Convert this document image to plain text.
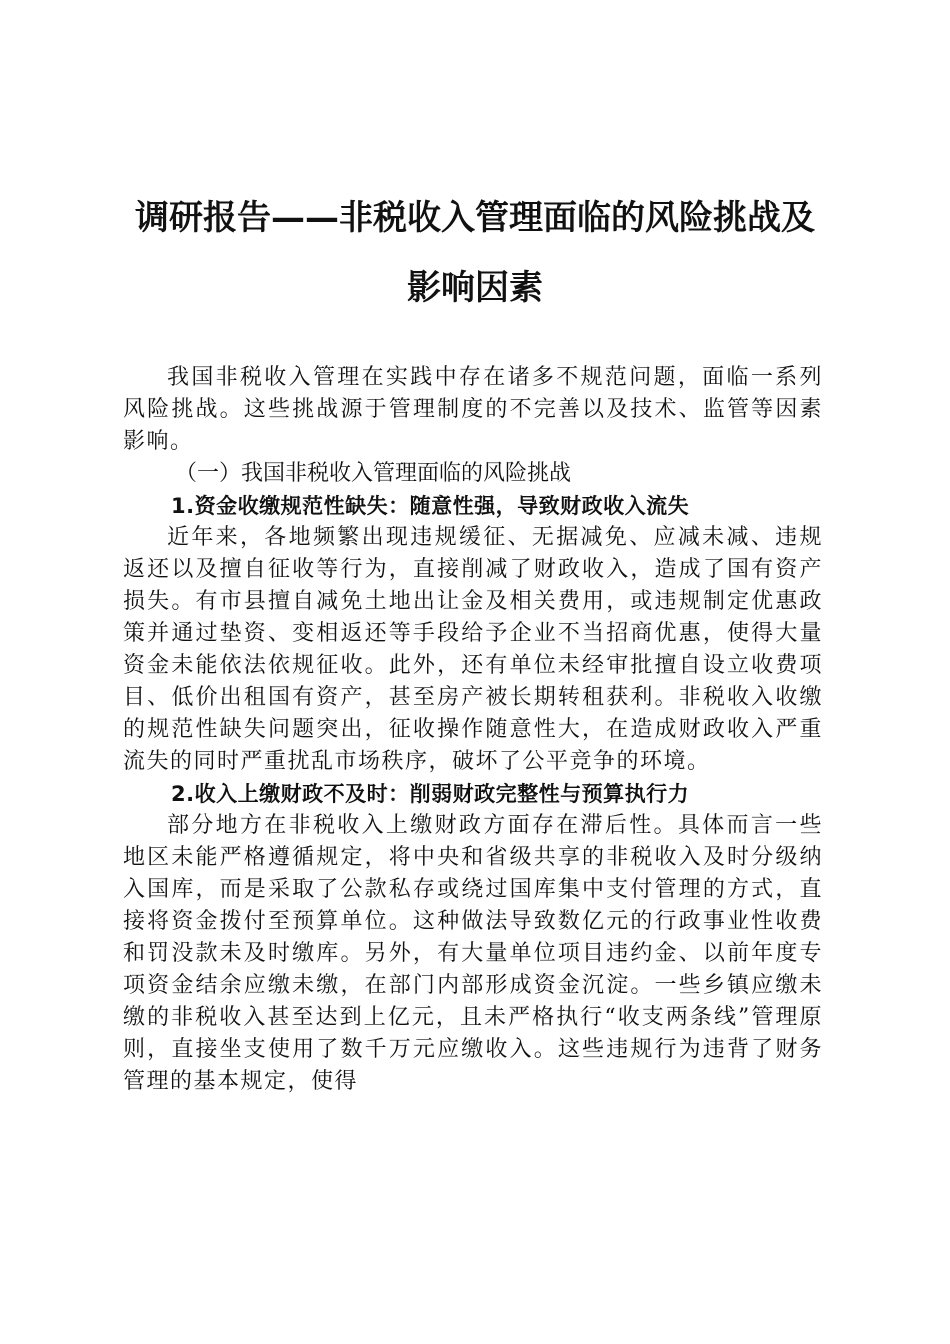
调研报告——非税收入管理面临的风险挑战及
影响因素

我国非税收入管理在实践中存在诸多不规范问题，面临一系列风险挑战。这些挑战源于管理制度的不完善以及技术、监管等因素影响。

（一）我国非税收入管理面临的风险挑战

1.资金收缴规范性缺失：随意性强，导致财政收入流失

近年来，各地频繁出现违规缓征、无据减免、应减未减、违规返还以及擅自征收等行为，直接削减了财政收入，造成了国有资产损失。有市县擅自减免土地出让金及相关费用，或违规制定优惠政策并通过垫资、变相返还等手段给予企业不当招商优惠，使得大量资金未能依法依规征收。此外，还有单位未经审批擅自设立收费项目、低价出租国有资产，甚至房产被长期转租获利。非税收入收缴的规范性缺失问题突出，征收操作随意性大，在造成财政收入严重流失的同时严重扰乱市场秩序，破坏了公平竞争的环境。

2.收入上缴财政不及时：削弱财政完整性与预算执行力

部分地方在非税收入上缴财政方面存在滞后性。具体而言一些地区未能严格遵循规定，将中央和省级共享的非税收入及时分级纳入国库，而是采取了公款私存或绕过国库集中支付管理的方式，直接将资金拨付至预算单位。这种做法导致数亿元的行政事业性收费和罚没款未及时缴库。另外，有大量单位项目违约金、以前年度专项资金结余应缴未缴，在部门内部形成资金沉淀。一些乡镇应缴未缴的非税收入甚至达到上亿元，且未严格执行“收支两条线”管理原则，直接坐支使用了数千万元应缴收入。这些违规行为违背了财务管理的基本规定，使得
